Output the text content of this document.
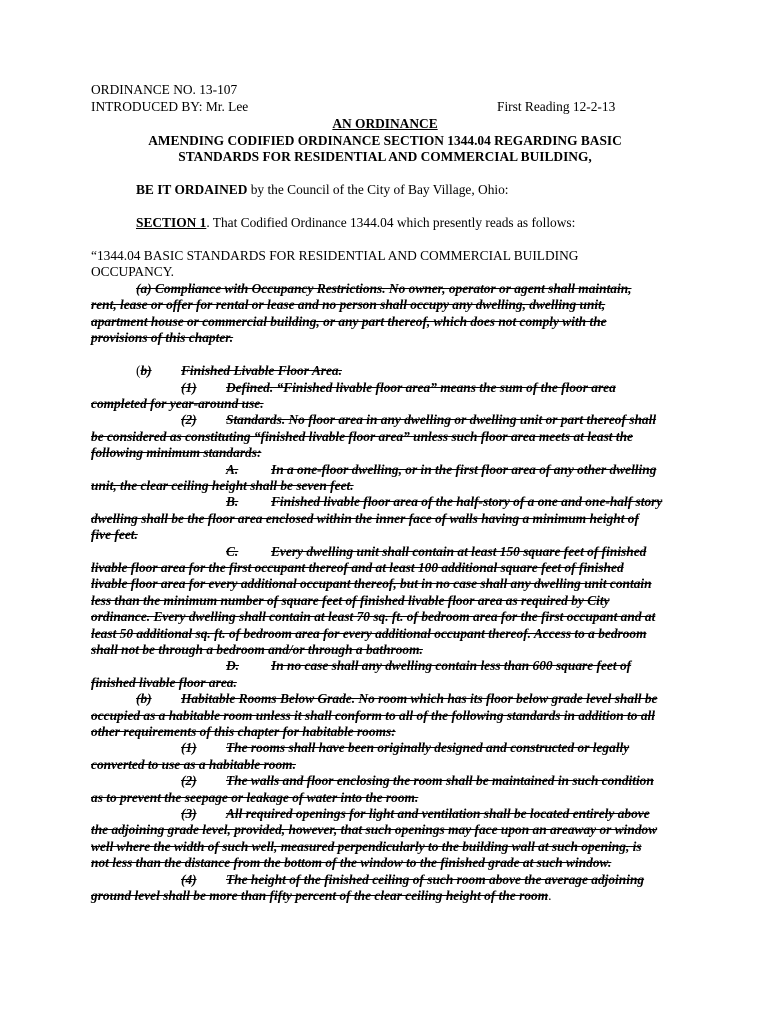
ORDINANCE NO. 13-107
INTRODUCED BY: Mr. Lee	First Reading 12-2-13
AN ORDINANCE
AMENDING CODIFIED ORDINANCE SECTION 1344.04 REGARDING BASIC
STANDARDS FOR RESIDENTIAL AND COMMERCIAL BUILDING,
BE IT ORDAINED by the Council of the City of Bay Village, Ohio:
SECTION 1. That Codified Ordinance 1344.04 which presently reads as follows:
“1344.04 BASIC STANDARDS FOR RESIDENTIAL AND COMMERCIAL BUILDING
OCCUPANCY.
(a) Compliance with Occupancy Restrictions. No owner, operator or agent shall maintain,
rent, lease or offer for rental or lease and no person shall occupy any dwelling, dwelling unit,
apartment house or commercial building, or any part thereof, which does not comply with the
provisions of this chapter.
(b) Finished Livable Floor Area.
(1) Defined. “Finished livable floor area” means the sum of the floor area
completed for year-around use.
(2) Standards. No floor area in any dwelling or dwelling unit or part thereof shall
be considered as constituting “finished livable floor area” unless such floor area meets at least the
following minimum standards:
A. In a one-floor dwelling, or in the first floor area of any other dwelling
unit, the clear ceiling height shall be seven feet.
B. Finished livable floor area of the half-story of a one and one-half story
dwelling shall be the floor area enclosed within the inner face of walls having a minimum height of
five feet.
C. Every dwelling unit shall contain at least 150 square feet of finished
livable floor area for the first occupant thereof and at least 100 additional square feet of finished
livable floor area for every additional occupant thereof, but in no case shall any dwelling unit contain
less than the minimum number of square feet of finished livable floor area as required by City
ordinance. Every dwelling shall contain at least 70 sq. ft. of bedroom area for the first occupant and at
least 50 additional sq. ft. of bedroom area for every additional occupant thereof. Access to a bedroom
shall not be through a bedroom and/or through a bathroom.
D. In no case shall any dwelling contain less than 600 square feet of
finished livable floor area.
(b) Habitable Rooms Below Grade. No room which has its floor below grade level shall be
occupied as a habitable room unless it shall conform to all of the following standards in addition to all
other requirements of this chapter for habitable rooms:
(1) The rooms shall have been originally designed and constructed or legally
converted to use as a habitable room.
(2) The walls and floor enclosing the room shall be maintained in such condition
as to prevent the seepage or leakage of water into the room.
(3) All required openings for light and ventilation shall be located entirely above
the adjoining grade level, provided, however, that such openings may face upon an areaway or window
well where the width of such well, measured perpendicularly to the building wall at such opening, is
not less than the distance from the bottom of the window to the finished grade at such window.
(4) The height of the finished ceiling of such room above the average adjoining
ground level shall be more than fifty percent of the clear ceiling height of the room.
